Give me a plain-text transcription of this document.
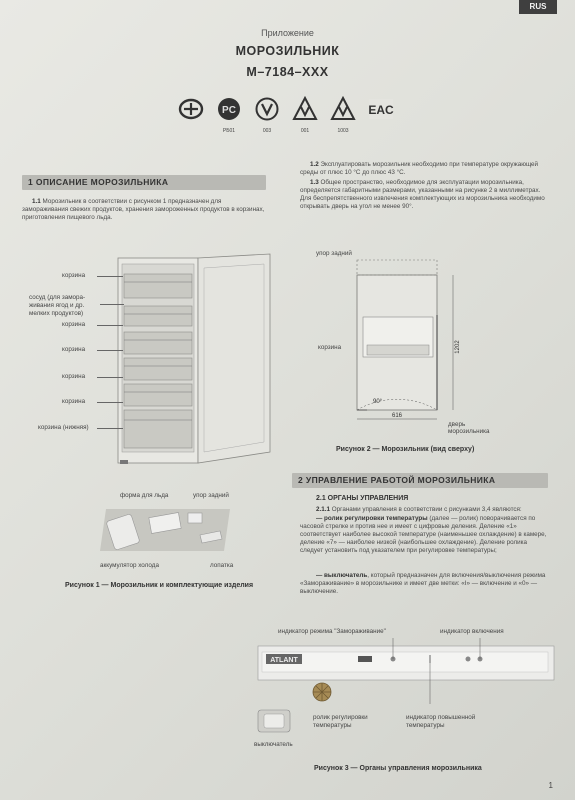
RUS
Приложение
МОРОЗИЛЬНИК
М–7184–ХХХ
PC
РБ01	003	001	1003
EAC
1 ОПИСАНИЕ МОРОЗИЛЬНИКА
1.1 Морозильник в соответствии с рисунком 1 предназначен для замораживания свежих продуктов, хранения замороженных продуктов в корзинах, приготовления пищевого льда.
1.2 Эксплуатировать морозильник необходимо при температуре окружающей среды от плюс 10 °С до плюс 43 °С.
1.3 Общее пространство, необходимое для эксплуатации морозильника, определяется габаритными размерами, указанными на рисунке 2 в миллиметрах. Для беспрепятственного извлечения комплектующих из морозильника необходимо открывать дверь на угол не менее 90°.
корзина
сосуд (для замора-
живания ягод и др.
мелких продуктов)
корзина
корзина
корзина
корзина
корзина (нижняя)
форма для льда	упор задний
аккумулятор холода	лопатка
Рисунок 1 — Морозильник и комплектующие изделия
упор задний
1202
616
90°
корзина
дверь
морозильника
Рисунок 2 — Морозильник (вид сверху)
2 УПРАВЛЕНИЕ РАБОТОЙ МОРОЗИЛЬНИКА
2.1 ОРГАНЫ УПРАВЛЕНИЯ
2.1.1 Органами управления в соответствии с рисунками 3,4 являются:
— ролик регулировки температуры (далее — ролик) поворачивается по часовой стрелке и против нее и имеет с цифровые деления. Деление «1» соответствует наиболее высокой температуре (наименьшее охлаждение) в камере, деление «7» — наиболее низкой (наибольшее охлаждение). Деление ролика следует установить под указателем при регулировке температуры;
— выключатель, который предназначен для включения/выключения режима «Замораживание» в морозильнике и имеет две метки: «I» — включение и «0» — выключение.
индикатор режима "Замораживание"	индикатор включения
ATLANT
ролик регулировки
температуры
индикатор повышенной
температуры
выключатель
Рисунок 3 — Органы управления морозильника
1
